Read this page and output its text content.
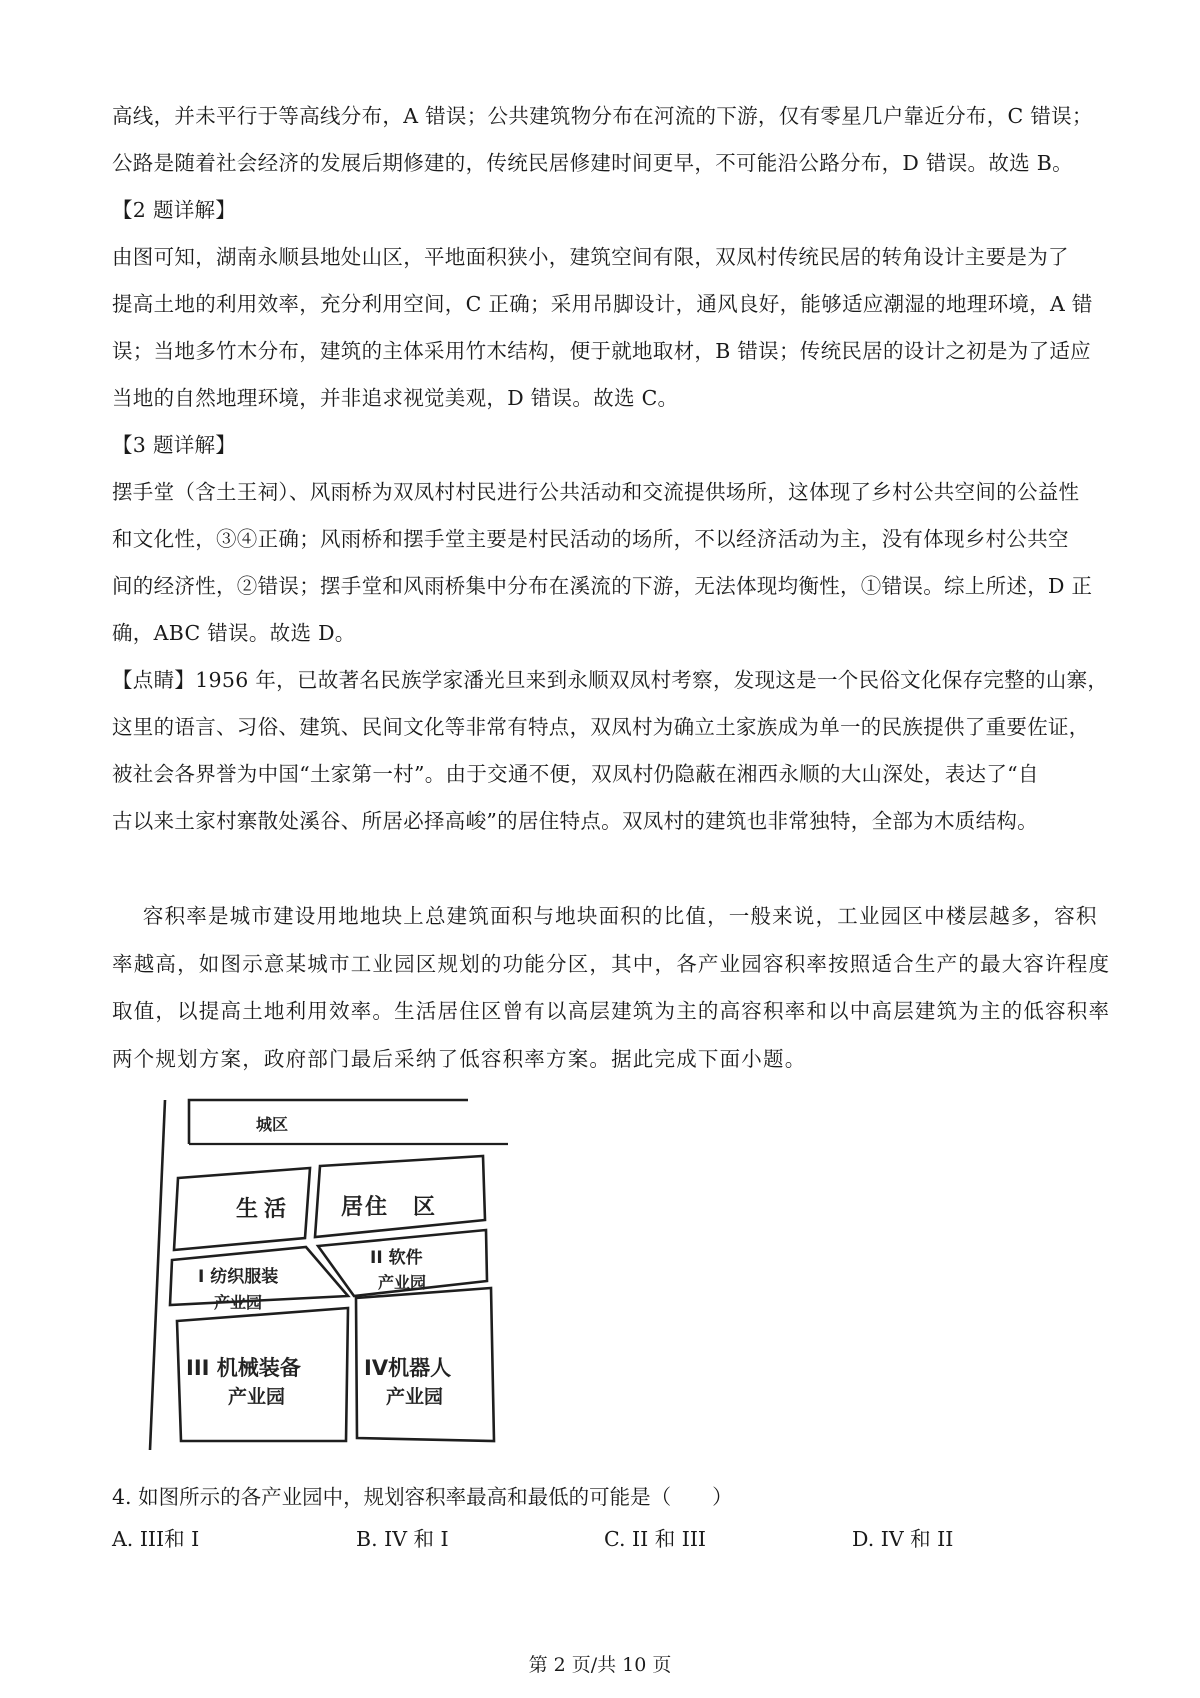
高线，并未平行于等高线分布，A 错误；公共建筑物分布在河流的下游，仅有零星几户靠近分布，C 错误；
公路是随着社会经济的发展后期修建的，传统民居修建时间更早，不可能沿公路分布，D 错误。故选 B。
【2 题详解】
由图可知，湖南永顺县地处山区，平地面积狭小，建筑空间有限，双凤村传统民居的转角设计主要是为了
提高土地的利用效率，充分利用空间，C 正确；采用吊脚设计，通风良好，能够适应潮湿的地理环境，A 错
误；当地多竹木分布，建筑的主体采用竹木结构，便于就地取材，B 错误；传统民居的设计之初是为了适应
当地的自然地理环境，并非追求视觉美观，D 错误。故选 C。
【3 题详解】
摆手堂（含土王祠）、风雨桥为双凤村村民进行公共活动和交流提供场所，这体现了乡村公共空间的公益性
和文化性，③④正确；风雨桥和摆手堂主要是村民活动的场所，不以经济活动为主，没有体现乡村公共空
间的经济性，②错误；摆手堂和风雨桥集中分布在溪流的下游，无法体现均衡性，①错误。综上所述，D 正
确，ABC 错误。故选 D。
【点睛】1956 年，已故著名民族学家潘光旦来到永顺双凤村考察，发现这是一个民俗文化保存完整的山寨，
这里的语言、习俗、建筑、民间文化等非常有特点，双凤村为确立土家族成为单一的民族提供了重要佐证，
被社会各界誉为中国“土家第一村”。由于交通不便，双凤村仍隐蔽在湘西永顺的大山深处，表达了“自
古以来土家村寨散处溪谷、所居必择高峻”的居住特点。双凤村的建筑也非常独特，全部为木质结构。
容积率是城市建设用地地块上总建筑面积与地块面积的比值，一般来说，工业园区中楼层越多，容积
率越高，如图示意某城市工业园区规划的功能分区，其中，各产业园容积率按照适合生产的最大容许程度
取值，以提高土地利用效率。生活居住区曾有以高层建筑为主的高容积率和以中高层建筑为主的低容积率
两个规划方案，政府部门最后采纳了低容积率方案。据此完成下面小题。
城区
生活 居住　区
I 纺织服装
产业园
II 软件
产业园
III 机械装备
产业园
IV机器人
产业园
4. 如图所示的各产业园中，规划容积率最高和最低的可能是（　　）
A. III和 I	B. IV 和 I	C. II 和 III	D. IV 和 II
第 2 页/共 10 页
